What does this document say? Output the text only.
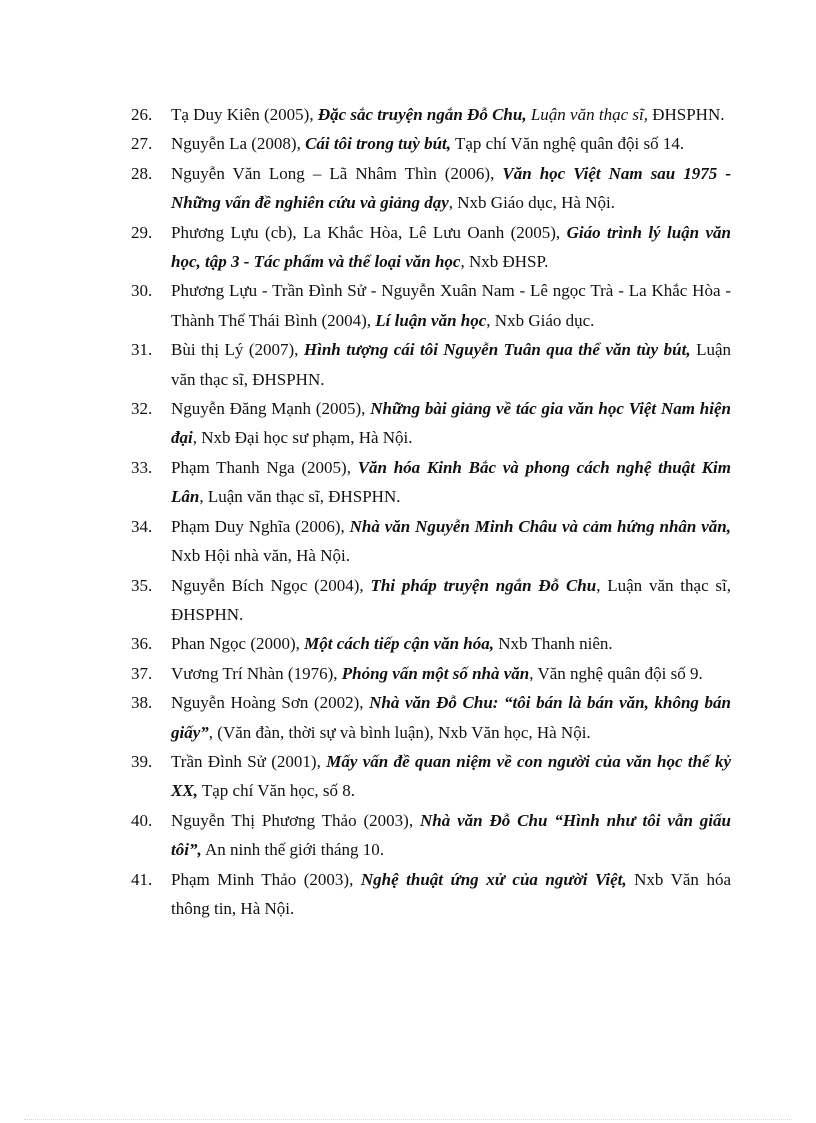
26.	Tạ Duy Kiên (2005), Đặc sắc truyện ngắn Đỗ Chu, Luận văn thạc sĩ, ĐHSPHN.
27.	Nguyễn La (2008), Cái tôi trong tuỳ bút, Tạp chí Văn nghệ quân đội số 14.
28.	Nguyễn Văn Long – Lã Nhâm Thìn (2006), Văn học Việt Nam sau 1975 - Những vấn đề nghiên cứu và giảng dạy, Nxb Giáo dục, Hà Nội.
29.	Phương Lựu (cb), La Khắc Hòa, Lê Lưu Oanh (2005), Giáo trình lý luận văn học, tập 3 - Tác phẩm và thể loại văn học, Nxb ĐHSP.
30.	Phương Lựu - Trần Đình Sử - Nguyễn Xuân Nam - Lê ngọc Trà - La Khắc Hòa - Thành Thế Thái Bình (2004), Lí luận văn học, Nxb Giáo dục.
31.	Bùi thị Lý (2007), Hình tượng cái tôi Nguyễn Tuân qua thể văn tùy bút, Luận văn thạc sĩ, ĐHSPHN.
32.	Nguyễn Đăng Mạnh (2005), Những bài giảng về tác gia văn học Việt Nam hiện đại, Nxb Đại học sư phạm, Hà Nội.
33.	Phạm Thanh Nga (2005), Văn hóa Kinh Bắc và phong cách nghệ thuật Kim Lân, Luận văn thạc sĩ, ĐHSPHN.
34.	Phạm Duy Nghĩa (2006), Nhà văn Nguyễn Minh Châu và cảm hứng nhân văn, Nxb Hội nhà văn, Hà Nội.
35.	Nguyễn Bích Ngọc (2004), Thi pháp truyện ngắn Đỗ Chu, Luận văn thạc sĩ, ĐHSPHN.
36.	Phan Ngọc (2000), Một cách tiếp cận văn hóa, Nxb Thanh niên.
37.	Vương Trí Nhàn (1976), Phỏng vấn một số nhà văn, Văn nghệ quân đội số 9.
38.	Nguyễn Hoàng Sơn (2002), Nhà văn Đỗ Chu: “tôi bán là bán văn, không bán giấy”, (Văn đàn, thời sự và bình luận), Nxb Văn học, Hà Nội.
39.	Trần Đình Sử (2001), Mấy vấn đề quan niệm về con người của văn học thế kỷ XX, Tạp chí Văn học, số 8.
40.	Nguyễn Thị Phương Thảo (2003), Nhà văn Đỗ Chu “Hình như tôi vẫn giấu tôi”, An ninh thế giới tháng 10.
41.	Phạm Minh Thảo (2003), Nghệ thuật ứng xử của người Việt, Nxb Văn hóa thông tin, Hà Nội.
